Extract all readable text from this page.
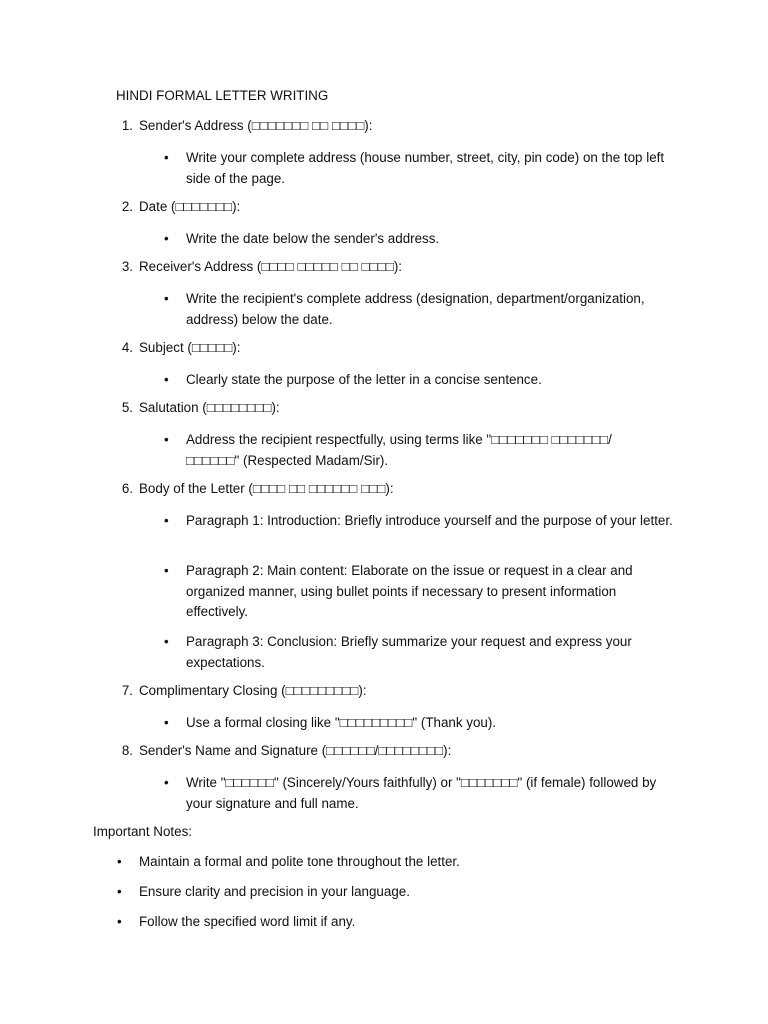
HINDI FORMAL LETTER WRITING
1. Sender's Address (□□□□□□□ □□ □□□□):
• Write your complete address (house number, street, city, pin code) on the top left side of the page.
2. Date (□□□□□□□):
• Write the date below the sender's address.
3. Receiver's Address (□□□□ □□□□□ □□ □□□□):
• Write the recipient's complete address (designation, department/organization, address) below the date.
4. Subject (□□□□□):
• Clearly state the purpose of the letter in a concise sentence.
5. Salutation (□□□□□□□□):
• Address the recipient respectfully, using terms like "□□□□□□□ □□□□□□□/□□□□□□" (Respected Madam/Sir).
6. Body of the Letter (□□□□ □□ □□□□□□ □□□):
• Paragraph 1: Introduction: Briefly introduce yourself and the purpose of your letter.
• Paragraph 2: Main content: Elaborate on the issue or request in a clear and organized manner, using bullet points if necessary to present information effectively.
• Paragraph 3: Conclusion: Briefly summarize your request and express your expectations.
7. Complimentary Closing (□□□□□□□□□):
• Use a formal closing like "□□□□□□□□□" (Thank you).
8. Sender's Name and Signature (□□□□□□/□□□□□□□□):
• Write "□□□□□□" (Sincerely/Yours faithfully) or "□□□□□□□" (if female) followed by your signature and full name.
Important Notes:
• Maintain a formal and polite tone throughout the letter.
• Ensure clarity and precision in your language.
• Follow the specified word limit if any.
